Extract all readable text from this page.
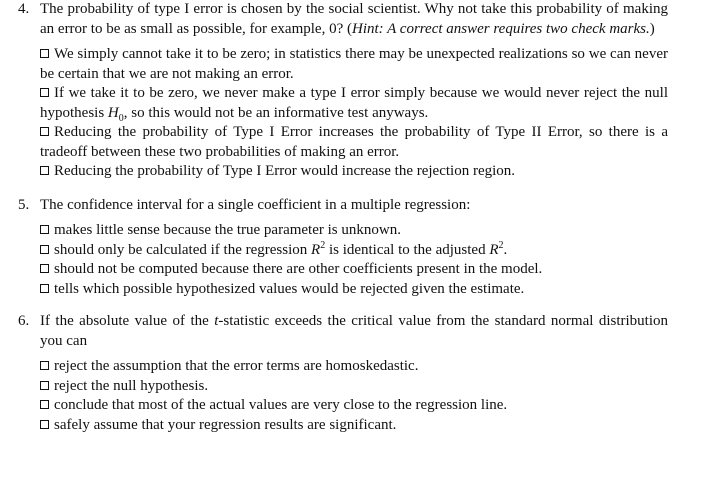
4. The probability of type I error is chosen by the social scientist. Why not take this probability of making an error to be as small as possible, for example, 0? (Hint: A correct answer requires two check marks.)
We simply cannot take it to be zero; in statistics there may be unexpected realizations so we can never be certain that we are not making an error.
If we take it to be zero, we never make a type I error simply because we would never reject the null hypothesis $H_0$, so this would not be an informative test anyways.
Reducing the probability of Type I Error increases the probability of Type II Error, so there is a tradeoff between these two probabilities of making an error.
Reducing the probability of Type I Error would increase the rejection region.
5. The confidence interval for a single coefficient in a multiple regression:
makes little sense because the true parameter is unknown.
should only be calculated if the regression $R^2$ is identical to the adjusted $R^2$.
should not be computed because there are other coefficients present in the model.
tells which possible hypothesized values would be rejected given the estimate.
6. If the absolute value of the t-statistic exceeds the critical value from the standard normal distribution you can
reject the assumption that the error terms are homoskedastic.
reject the null hypothesis.
conclude that most of the actual values are very close to the regression line.
safely assume that your regression results are significant.
